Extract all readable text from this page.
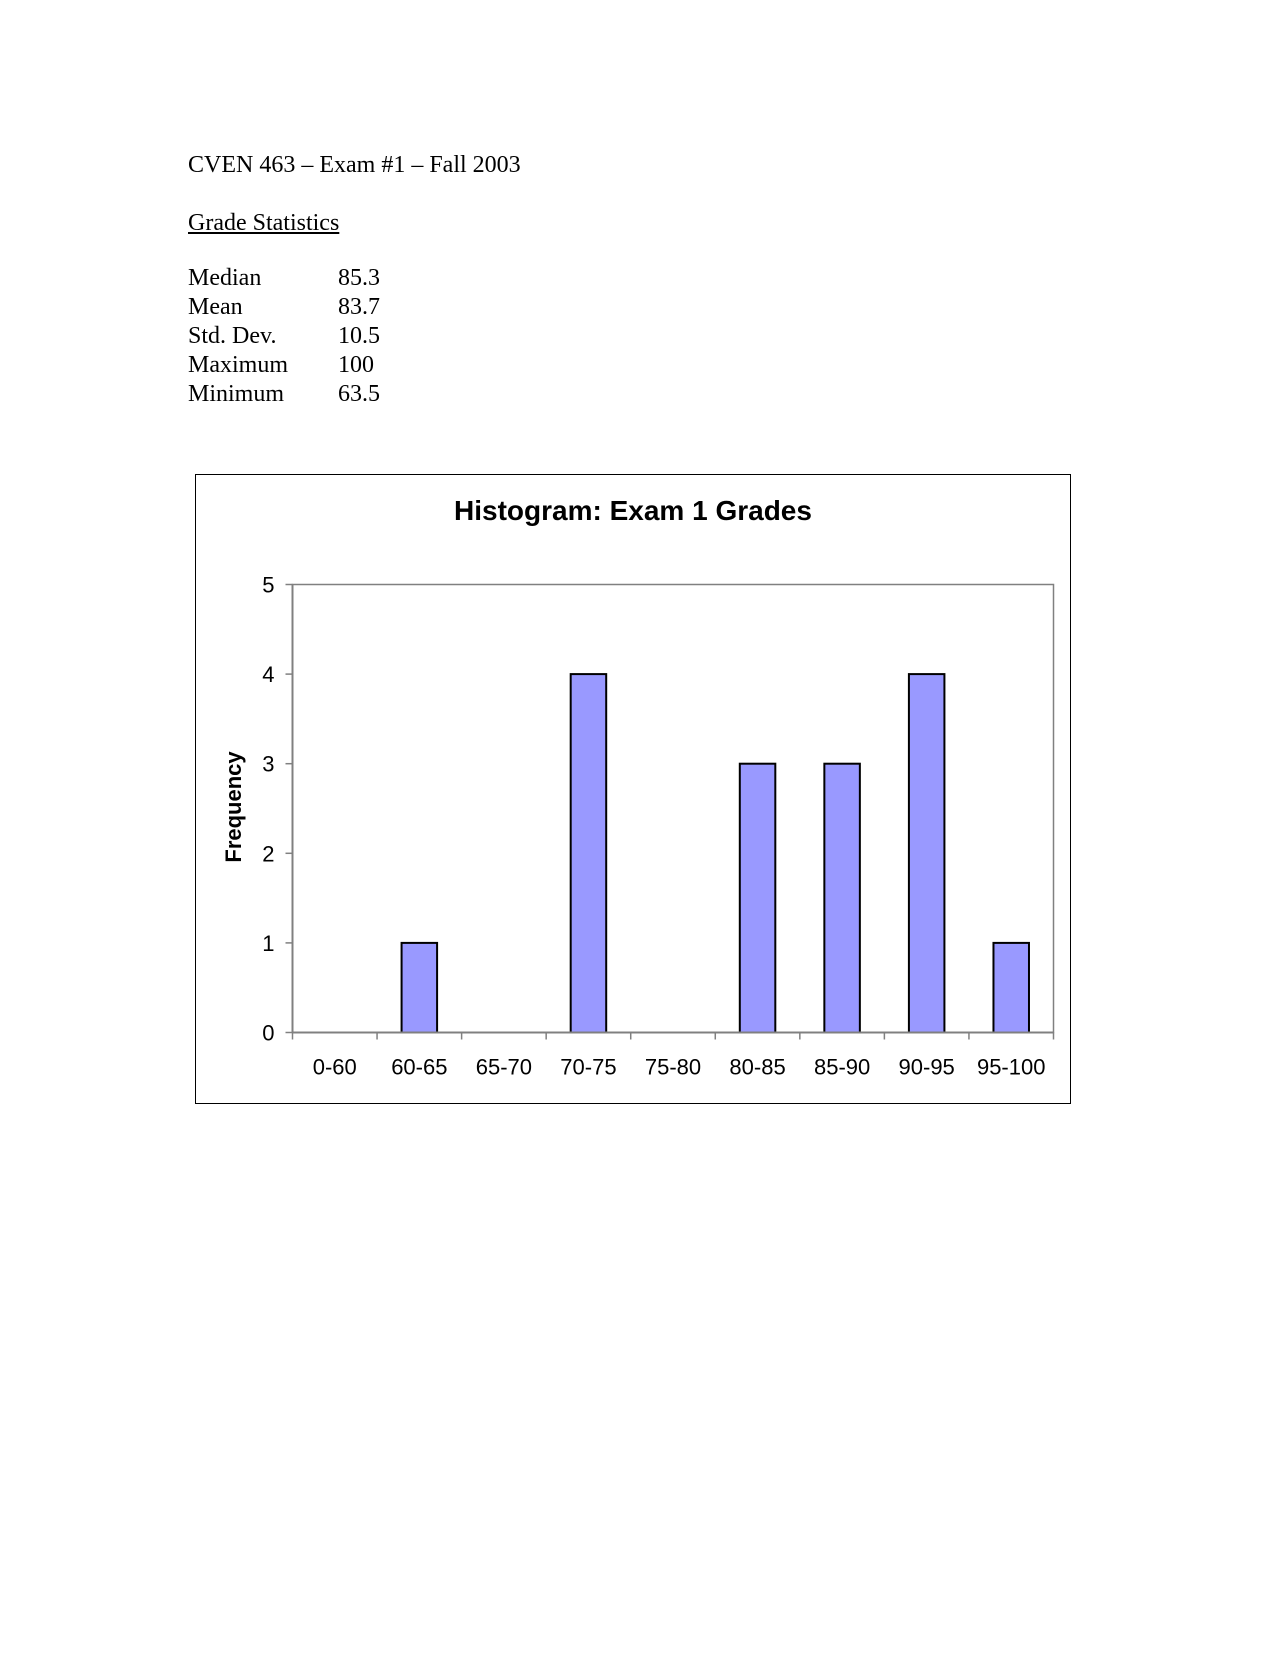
CVEN 463 – Exam #1 – Fall 2003
Grade Statistics
Median	85.3
Mean	83.7
Std. Dev.	10.5
Maximum	100
Minimum	63.5
Histogram: Exam 1 Grades
Frequency
0
1
2
3
4
5
0-60 60-65 65-70 70-75 75-80 80-85 85-90 90-95 95-100
